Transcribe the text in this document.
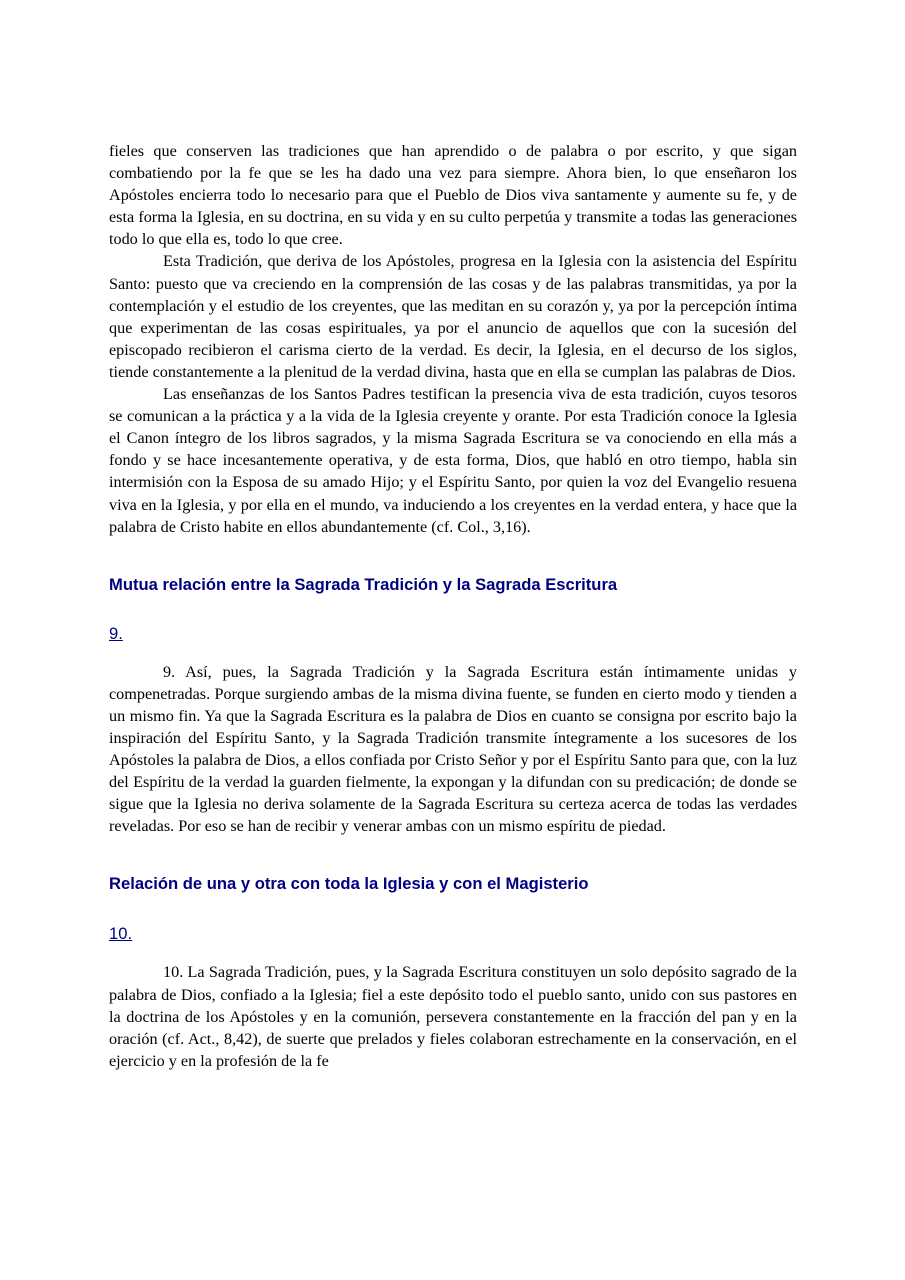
fieles que conserven las tradiciones que han aprendido o de palabra o por escrito, y que sigan combatiendo por la fe que se les ha dado una vez para siempre. Ahora bien, lo que enseñaron los Apóstoles encierra todo lo necesario para que el Pueblo de Dios viva santamente y aumente su fe, y de esta forma la Iglesia, en su doctrina, en su vida y en su culto perpetúa y transmite a todas las generaciones todo lo que ella es, todo lo que cree.

Esta Tradición, que deriva de los Apóstoles, progresa en la Iglesia con la asistencia del Espíritu Santo: puesto que va creciendo en la comprensión de las cosas y de las palabras transmitidas, ya por la contemplación y el estudio de los creyentes, que las meditan en su corazón y, ya por la percepción íntima que experimentan de las cosas espirituales, ya por el anuncio de aquellos que con la sucesión del episcopado recibieron el carisma cierto de la verdad. Es decir, la Iglesia, en el decurso de los siglos, tiende constantemente a la plenitud de la verdad divina, hasta que en ella se cumplan las palabras de Dios.

Las enseñanzas de los Santos Padres testifican la presencia viva de esta tradición, cuyos tesoros se comunican a la práctica y a la vida de la Iglesia creyente y orante. Por esta Tradición conoce la Iglesia el Canon íntegro de los libros sagrados, y la misma Sagrada Escritura se va conociendo en ella más a fondo y se hace incesantemente operativa, y de esta forma, Dios, que habló en otro tiempo, habla sin intermisión con la Esposa de su amado Hijo; y el Espíritu Santo, por quien la voz del Evangelio resuena viva en la Iglesia, y por ella en el mundo, va induciendo a los creyentes en la verdad entera, y hace que la palabra de Cristo habite en ellos abundantemente (cf. Col., 3,16).

Mutua relación entre la Sagrada Tradición y la Sagrada Escritura
9.

9. Así, pues, la Sagrada Tradición y la Sagrada Escritura están íntimamente unidas y compenetradas. Porque surgiendo ambas de la misma divina fuente, se funden en cierto modo y tienden a un mismo fin. Ya que la Sagrada Escritura es la palabra de Dios en cuanto se consigna por escrito bajo la inspiración del Espíritu Santo, y la Sagrada Tradición transmite íntegramente a los sucesores de los Apóstoles la palabra de Dios, a ellos confiada por Cristo Señor y por el Espíritu Santo para que, con la luz del Espíritu de la verdad la guarden fielmente, la expongan y la difundan con su predicación; de donde se sigue que la Iglesia no deriva solamente de la Sagrada Escritura su certeza acerca de todas las verdades reveladas. Por eso se han de recibir y venerar ambas con un mismo espíritu de piedad.

Relación de una y otra con toda la Iglesia y con el Magisterio
10.

10. La Sagrada Tradición, pues, y la Sagrada Escritura constituyen un solo depósito sagrado de la palabra de Dios, confiado a la Iglesia; fiel a este depósito todo el pueblo santo, unido con sus pastores en la doctrina de los Apóstoles y en la comunión, persevera constantemente en la fracción del pan y en la oración (cf. Act., 8,42), de suerte que prelados y fieles colaboran estrechamente en la conservación, en el ejercicio y en la profesión de la fe
